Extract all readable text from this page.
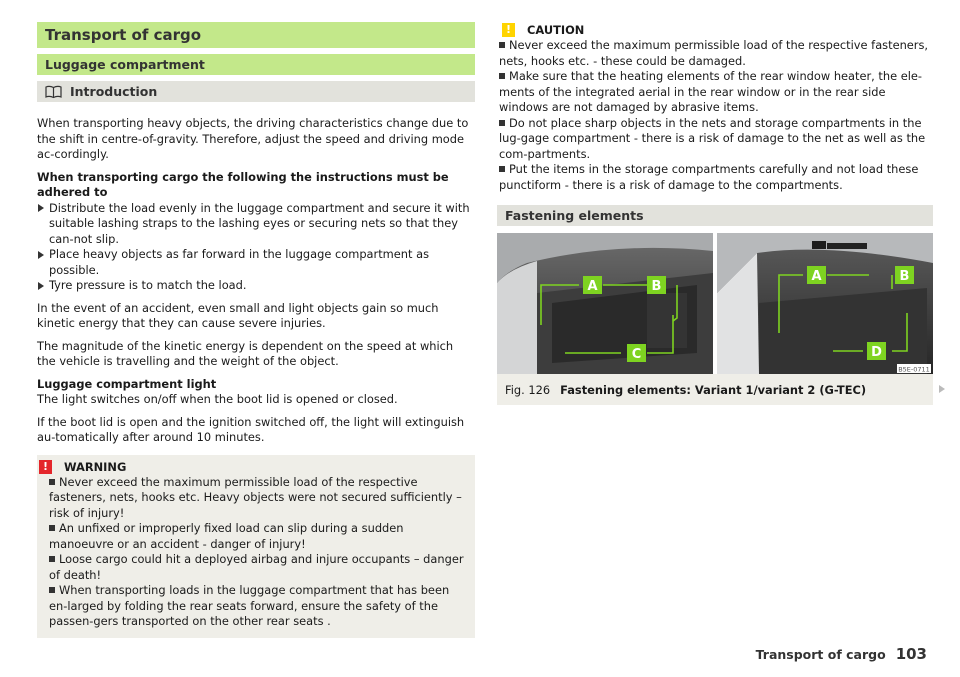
Transport of cargo
Luggage compartment
Introduction

When transporting heavy objects, the driving characteristics change due to the shift in centre-of-gravity. Therefore, adjust the speed and driving mode ac-cordingly.

When transporting cargo the following the instructions must be adhered to

Distribute the load evenly in the luggage compartment and secure it with suitable lashing straps to the lashing eyes or securing nets so that they can-not slip.
Place heavy objects as far forward in the luggage compartment as possible.
Tyre pressure is to match the load.

In the event of an accident, even small and light objects gain so much kinetic energy that they can cause severe injuries.

The magnitude of the kinetic energy is dependent on the speed at which the vehicle is travelling and the weight of the object.

Luggage compartment light

The light switches on/off when the boot lid is opened or closed.

If the boot lid is open and the ignition switched off, the light will extinguish au-tomatically after around 10 minutes.

!	WARNING

Never exceed the maximum permissible load of the respective fasteners, nets, hooks etc. Heavy objects were not secured sufficiently – risk of injury!

An unfixed or improperly fixed load can slip during a sudden manoeuvre or an accident - danger of injury!

Loose cargo could hit a deployed airbag and injure occupants – danger of death!

When transporting loads in the luggage compartment that has been en-larged by folding the rear seats forward, ensure the safety of the passen-gers transported on the other rear seats .

!	CAUTION

Never exceed the maximum permissible load of the respective fasteners, nets, hooks etc. - these could be damaged.

Make sure that the heating elements of the rear window heater, the ele-ments of the integrated aerial in the rear window or in the rear side windows are not damaged by abrasive items.

Do not place sharp objects in the nets and storage compartments in the lug-gage compartment - there is a risk of damage to the net as well as the com-partments.

Put the items in the storage compartments carefully and not load these punctiform - there is a risk of damage to the compartments.

Fastening elements
A	B
C
A	B
D
B5E-0711
Fig. 126 Fastening elements: Variant 1/variant 2 (G-TEC)
Transport of cargo 103
